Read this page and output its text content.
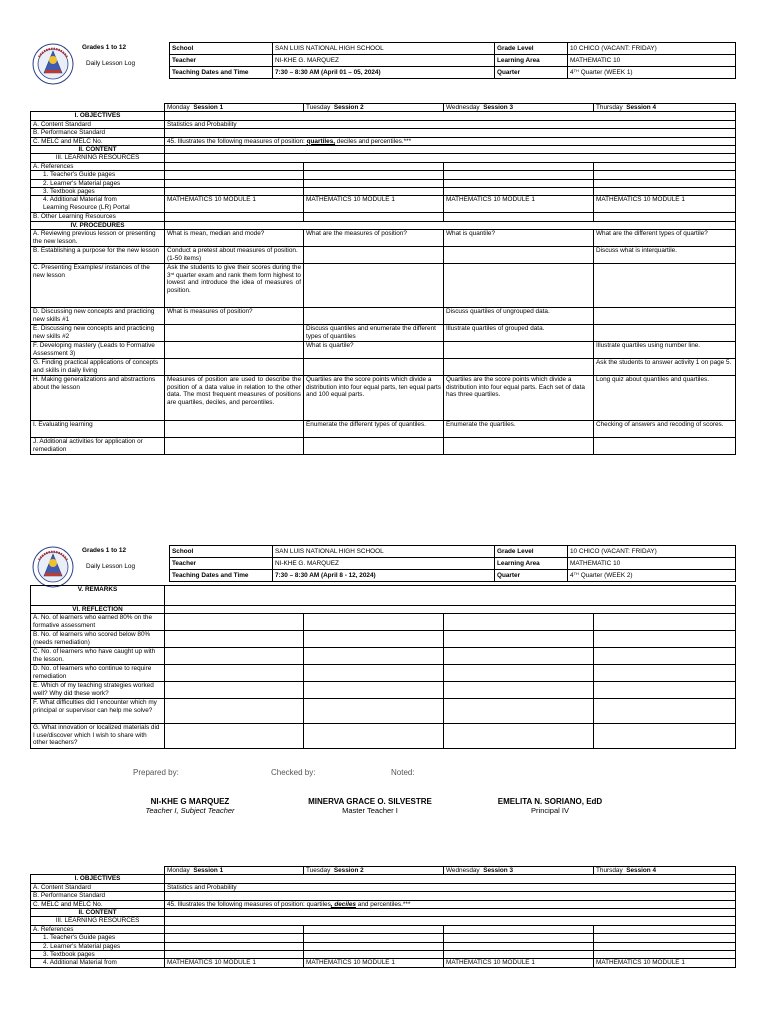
Grades 1 to 12
Daily Lesson Log
School	SAN LUIS NATIONAL HIGH SCHOOL	Grade Level	10 CHICO (VACANT: FRIDAY)
Teacher	NI-KHE G. MARQUEZ	Learning Area	MATHEMATIC 10
Teaching Dates and Time	7:30 – 8:30 AM (April 01 – 05, 2024)	Quarter	4TH Quarter (WEEK 1)
	Monday Session 1	Tuesday Session 2	Wednesday Session 3	Thursday Session 4
I. OBJECTIVES				
A. Content Standard	Statistics and Probability			
B. Performance Standard				
C. MELC and MELC No.	45. Illustrates the following measures of position: quartiles, deciles and percentiles.***			
II. CONTENT				
III. LEARNING RESOURCES				
A. References				
1. Teacher's Guide pages				
2. Learner's Material pages				
3. Textbook pages				
4. Additional Material from
Learning Resource (LR) Portal	MATHEMATICS 10 MODULE 1	MATHEMATICS 10 MODULE 1	MATHEMATICS 10 MODULE 1	MATHEMATICS 10 MODULE 1
B. Other Learning Resources				
IV. PROCEDURES				
A. Reviewing previous lesson or presenting the new lesson.	What is mean, median and mode?	What are the measures of position?	What is quantile?	What are the different types of quartile?
B. Establishing a purpose for the new lesson	Conduct a pretest about measures of position. (1-50 items)			Discuss what is interquartile.
C. Presenting Examples/ instances of the new lesson	Ask the students to give their scores during the 3rd quarter exam and rank them form highest to lowest and introduce the idea of measures of position.			
D. Discussing new concepts and practicing new skills #1	What is measures of position?		Discuss quartiles of ungrouped data.	
E. Discussing new concepts and practicing new skills #2		Discuss quantiles and enumerate the different types of quantiles	Illustrate quartiles of grouped data.	
F. Developing mastery (Leads to Formative Assessment 3)		What is quartile?		Illustrate quartiles using number line.
G. Finding practical applications of concepts and skills in daily living				Ask the students to answer activity 1 on page 5.
H. Making generalizations and abstractions about the lesson	Measures of position are used to describe the position of a data value in relation to the other data. The most frequent measures of positions are quartiles, deciles, and percentiles.	Quartiles are the score points which divide a distribution into four equal parts, ten equal parts and 100 equal parts.	Quartiles are the score points which divide a distribution into four equal parts. Each set of data has three quartiles.	Long quiz about quantiles and quartiles.
I. Evaluating learning		Enumerate the different types of quantiles.	Enumerate the quartiles.	Checking of answers and recoding of scores.
J. Additional activities for application or remediation				
Grades 1 to 12
Daily Lesson Log
School	SAN LUIS NATIONAL HIGH SCHOOL	Grade Level	10 CHICO (VACANT: FRIDAY)
Teacher	NI-KHE G. MARQUEZ	Learning Area	MATHEMATIC 10
Teaching Dates and Time	7:30 – 8:30 AM (April 8 - 12, 2024)	Quarter	4TH Quarter (WEEK 2)
V. REMARKS				
VI. REFLECTION				
A. No. of learners who earned 80% on the formative assessment				
B. No. of learners who scored below 80% (needs remediation)				
C. No. of learners who have caught up with the lesson.				
D. No. of learners who continue to require remediation				
E. Which of my teaching strategies worked well? Why did these work?				
F. What difficulties did I encounter which my principal or supervisor can help me solve?				
G. What innovation or localized materials did I use/discover which I wish to share with other teachers?				
Prepared by:	Checked by:	Noted:
NI-KHE G MARQUEZ
Teacher I, Subject Teacher
MINERVA GRACE O. SILVESTRE
Master Teacher I
EMELITA N. SORIANO, EdD
Principal IV
	Monday Session 1	Tuesday Session 2	Wednesday Session 3	Thursday Session 4
I. OBJECTIVES				
A. Content Standard	Statistics and Probability			
B. Performance Standard				
C. MELC and MELC No.	45. Illustrates the following measures of position: quartiles, deciles and percentiles.***			
II. CONTENT				
III. LEARNING RESOURCES				
A. References				
1. Teacher's Guide pages				
2. Learner's Material pages				
3. Textbook pages				
4. Additional Material from	MATHEMATICS 10 MODULE 1	MATHEMATICS 10 MODULE 1	MATHEMATICS 10 MODULE 1	MATHEMATICS 10 MODULE 1
